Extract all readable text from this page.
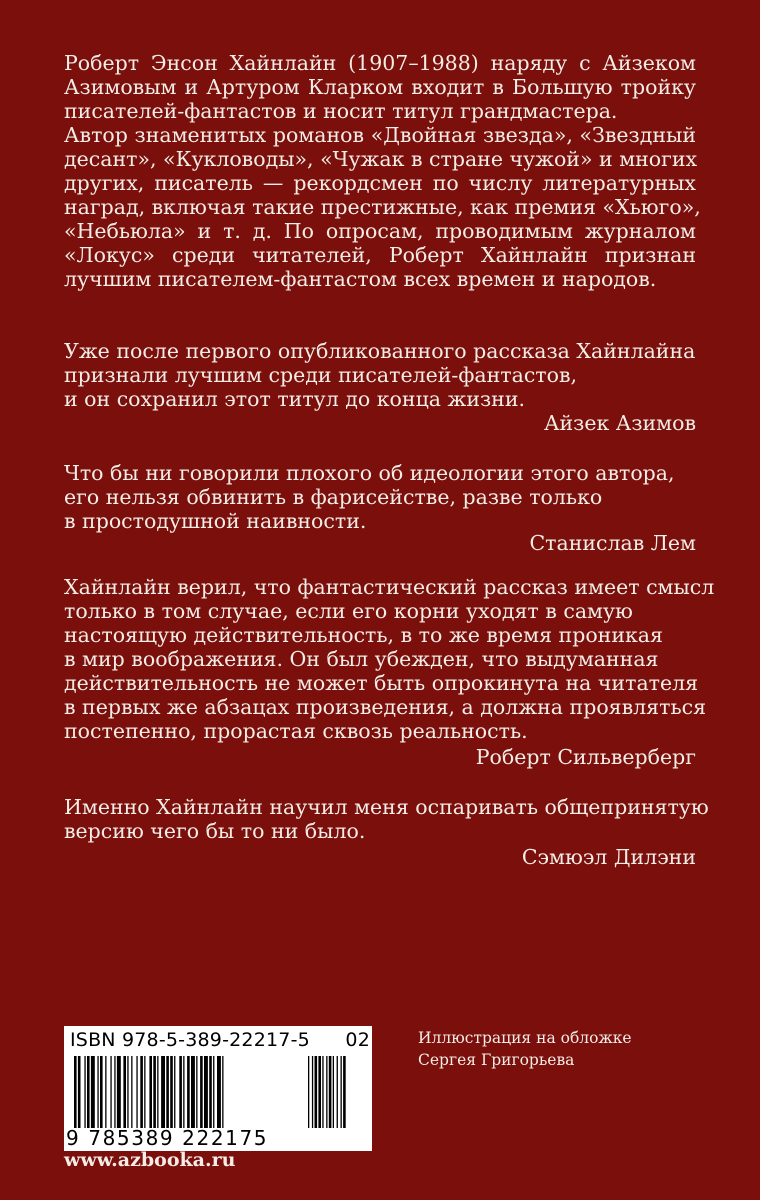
Роберт Энсон Хайнлайн (1907–1988) наряду с Айзеком
Азимовым и Артуром Кларком входит в Большую тройку
писателей-фантастов и носит титул грандмастера.
Автор знаменитых романов «Двойная звезда», «Звездный
десант», «Кукловоды», «Чужак в стране чужой» и многих
других, писатель — рекордсмен по числу литературных
наград, включая такие престижные, как премия «Хьюго»,
«Небьюла» и т. д. По опросам, проводимым журналом
«Локус» среди читателей, Роберт Хайнлайн признан
лучшим писателем-фантастом всех времен и народов.
Уже после первого опубликованного рассказа Хайнлайна
признали лучшим среди писателей-фантастов,
и он сохранил этот титул до конца жизни.
Айзек Азимов
Что бы ни говорили плохого об идеологии этого автора,
его нельзя обвинить в фарисействе, разве только
в простодушной наивности.
Станислав Лем
Хайнлайн верил, что фантастический рассказ имеет смысл
только в том случае, если его корни уходят в самую
настоящую действительность, в то же время проникая
в мир воображения. Он был убежден, что выдуманная
действительность не может быть опрокинута на читателя
в первых же абзацах произведения, а должна проявляться
постепенно, прорастая сквозь реальность.
Роберт Сильверберг
Именно Хайнлайн научил меня оспаривать общепринятую
версию чего бы то ни было.
Сэмюэл Дилэни
ISBN 978-5-389-22217-5 02
9 785389 222175
Иллюстрация на обложке
Сергея Григорьева
www.azbooka.ru
